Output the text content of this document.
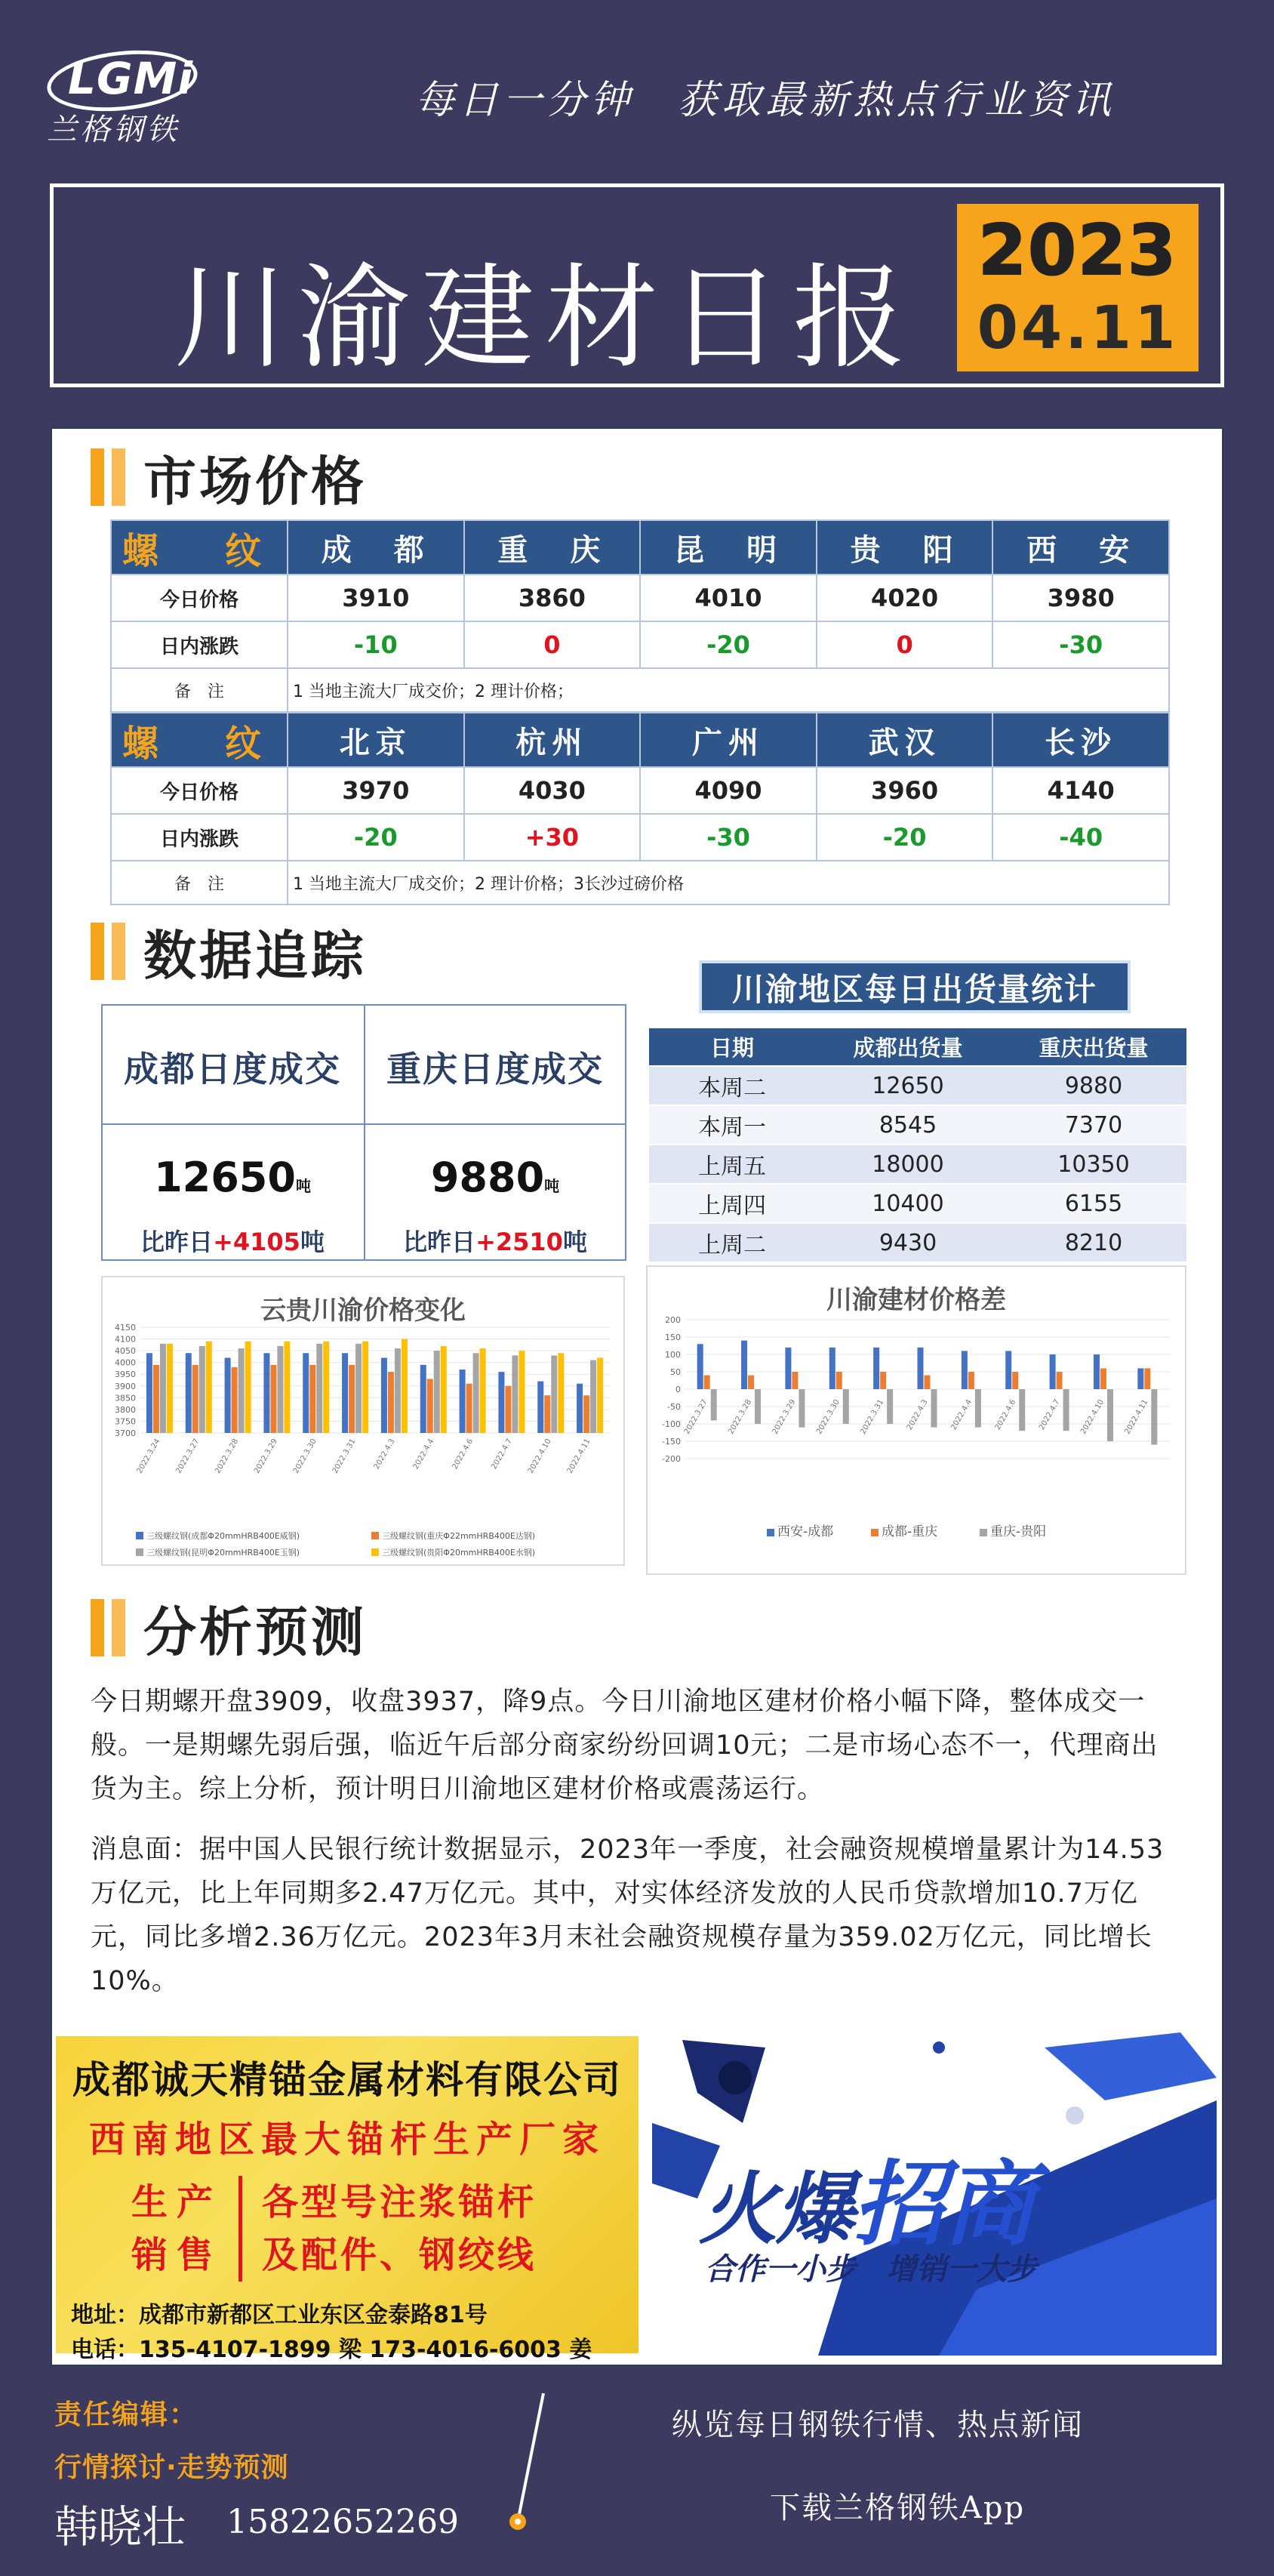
LGMi
兰格钢铁
每日一分钟　获取最新热点行业资讯
川渝建材日报
2023
04.11
市场价格
螺　纹	成　都	重　庆	昆　明	贵　阳	西　安
今日价格	3910	3860	4010	4020	3980
日内涨跌	-10	0	-20	0	-30
备　注	1 当地主流大厂成交价；2 理计价格；				
螺　纹	北京	杭州	广州	武汉	长沙
今日价格	3970	4030	4090	3960	4140
日内涨跌	-20	+30	-30	-20	-40
备　注	1 当地主流大厂成交价；2 理计价格；3长沙过磅价格				
数据追踪
成都日度成交	重庆日度成交
12650吨	9880吨
比昨日+4105吨	比昨日+2510吨
川渝地区每日出货量统计
日期	成都出货量	重庆出货量
本周二	12650	9880
本周一	8545	7370
上周五	18000	10350
上周四	10400	6155
上周二	9430	8210
云贵川渝价格变化
3700
3750
3800
3850
3900
3950
4000
4050
4100
4150
2022.3.24 2022.3.27 2022.3.28 2022.3.29 2022.3.30 2022.3.31 2022.4.3 2022.4.4 2022.4.6 2022.4.7 2022.4.10 2022.4.11
三级螺纹钢(成都Φ20mmHRB400E威钢)	三级螺纹钢(重庆Φ22mmHRB400E达钢)
三级螺纹钢(昆明Φ20mmHRB400E玉钢)	三级螺纹钢(贵阳Φ20mmHRB400E水钢)
川渝建材价格差
-200
-150
-100
-50
0
50
100
150
200
2022.3.27 2022.3.28 2022.3.29 2022.3.30 2022.3.31	2022.4.3	2022.4.4	2022.4.6	2022.4.7 2022.4.10 2022.4.11
西安-成都	成都-重庆	重庆-贵阳
分析预测
今日期螺开盘3909，收盘3937，降9点。今日川渝地区建材价格小幅下降，整体成交一般。一是期螺先弱后强，临近午后部分商家纷纷回调10元；二是市场心态不一，代理商出货为主。综上分析，预计明日川渝地区建材价格或震荡运行。
消息面：据中国人民银行统计数据显示，2023年一季度，社会融资规模增量累计为14.53万亿元，比上年同期多2.47万亿元。其中，对实体经济发放的人民币贷款增加10.7万亿元，同比多增2.36万亿元。2023年3月末社会融资规模存量为359.02万亿元，同比增长10%。
成都诚天精锚金属材料有限公司
西南地区最大锚杆生产厂家
生产
销售
各型号注浆锚杆
及配件、钢绞线
地址：成都市新都区工业东区金泰路81号
电话：135-4107-1899 梁 173-4016-6003 姜
火爆招商
合作一小步　增销一大步
责任编辑：
行情探讨·走势预测
韩晓壮 15822652269
纵览每日钢铁行情、热点新闻
下载兰格钢铁App
